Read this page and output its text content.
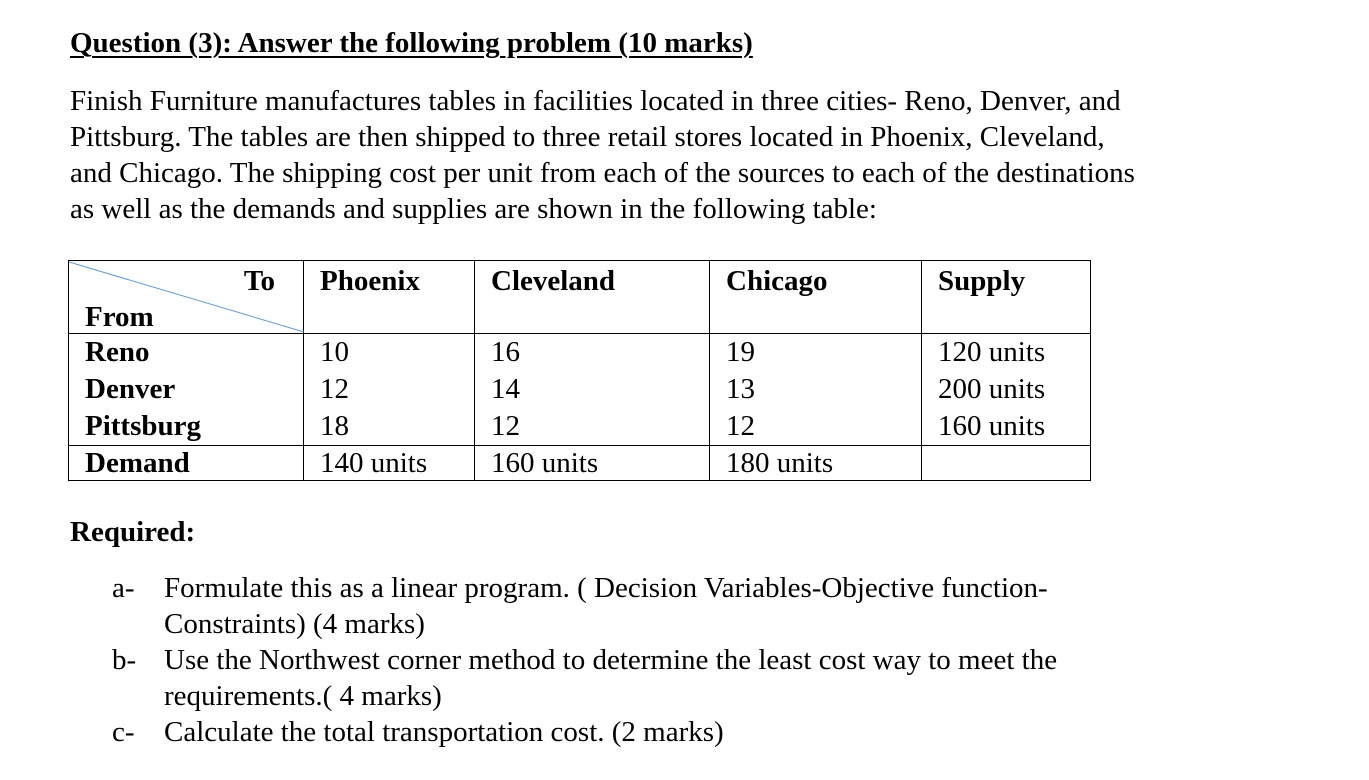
Question (3): Answer the following problem (10 marks)

Finish Furniture manufactures tables in facilities located in three cities- Reno, Denver, and
Pittsburg. The tables are then shipped to three retail stores located in Phoenix, Cleveland,
and Chicago. The shipping cost per unit from each of the sources to each of the destinations
as well as the demands and supplies are shown in the following table:

To
From	Phoenix	Cleveland	Chicago	Supply
Reno	10	16	19	120 units
Denver	12	14	13	200 units
Pittsburg	18	12	12	160 units
Demand	140 units	160 units	180 units	
Required:
a- Formulate this as a linear program. ( Decision Variables-Objective function-
Constraints) (4 marks)
b- Use the Northwest corner method to determine the least cost way to meet the
requirements.( 4 marks)
c- Calculate the total transportation cost. (2 marks)
